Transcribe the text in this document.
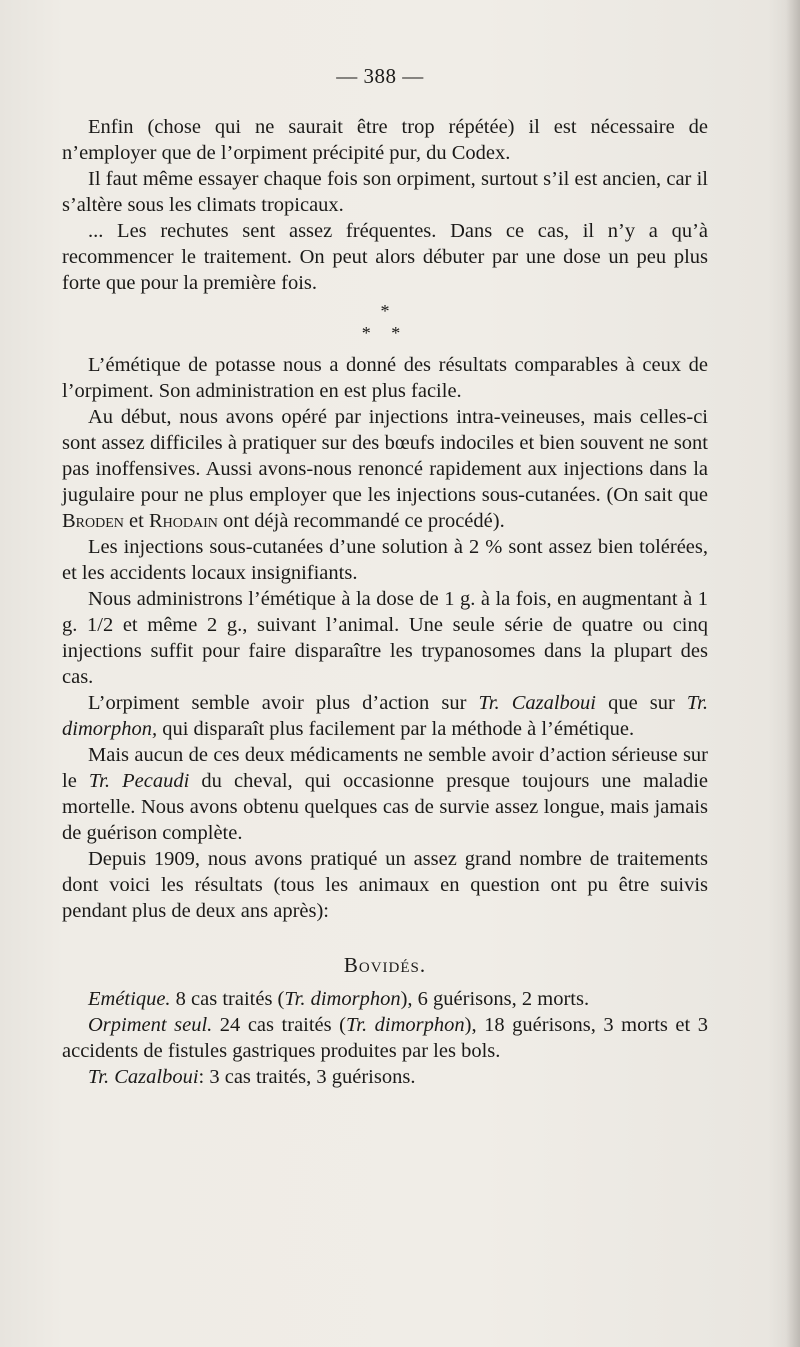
— 388 —

Enfin (chose qui ne saurait être trop répétée) il est nécessaire de n’employer que de l’orpiment précipité pur, du Codex.

Il faut même essayer chaque fois son orpiment, surtout s’il est ancien, car il s’altère sous les climats tropicaux.

... Les rechutes sent assez fréquentes. Dans ce cas, il n’y a qu’à recommencer le traitement. On peut alors débuter par une dose un peu plus forte que pour la première fois.

*
* *

L’émétique de potasse nous a donné des résultats comparables à ceux de l’orpiment. Son administration en est plus facile.

Au début, nous avons opéré par injections intra-veineuses, mais celles-ci sont assez difficiles à pratiquer sur des bœufs indociles et bien souvent ne sont pas inoffensives. Aussi avons-nous renoncé rapidement aux injections dans la jugulaire pour ne plus employer que les injections sous-cutanées. (On sait que Broden et Rhodain ont déjà recommandé ce procédé).

Les injections sous-cutanées d’une solution à 2 % sont assez bien tolérées, et les accidents locaux insignifiants.

Nous administrons l’émétique à la dose de 1 g. à la fois, en augmentant à 1 g. 1/2 et même 2 g., suivant l’animal. Une seule série de quatre ou cinq injections suffit pour faire disparaître les trypanosomes dans la plupart des cas.

L’orpiment semble avoir plus d’action sur Tr. Cazalboui que sur Tr. dimorphon, qui disparaît plus facilement par la méthode à l’émétique.

Mais aucun de ces deux médicaments ne semble avoir d’action sérieuse sur le Tr. Pecaudi du cheval, qui occasionne presque toujours une maladie mortelle. Nous avons obtenu quelques cas de survie assez longue, mais jamais de guérison complète.

Depuis 1909, nous avons pratiqué un assez grand nombre de traitements dont voici les résultats (tous les animaux en question ont pu être suivis pendant plus de deux ans après):

Bovidés.

Emétique. 8 cas traités (Tr. dimorphon), 6 guérisons, 2 morts.

Orpiment seul. 24 cas traités (Tr. dimorphon), 18 guérisons, 3 morts et 3 accidents de fistules gastriques produites par les bols.

Tr. Cazalboui: 3 cas traités, 3 guérisons.
